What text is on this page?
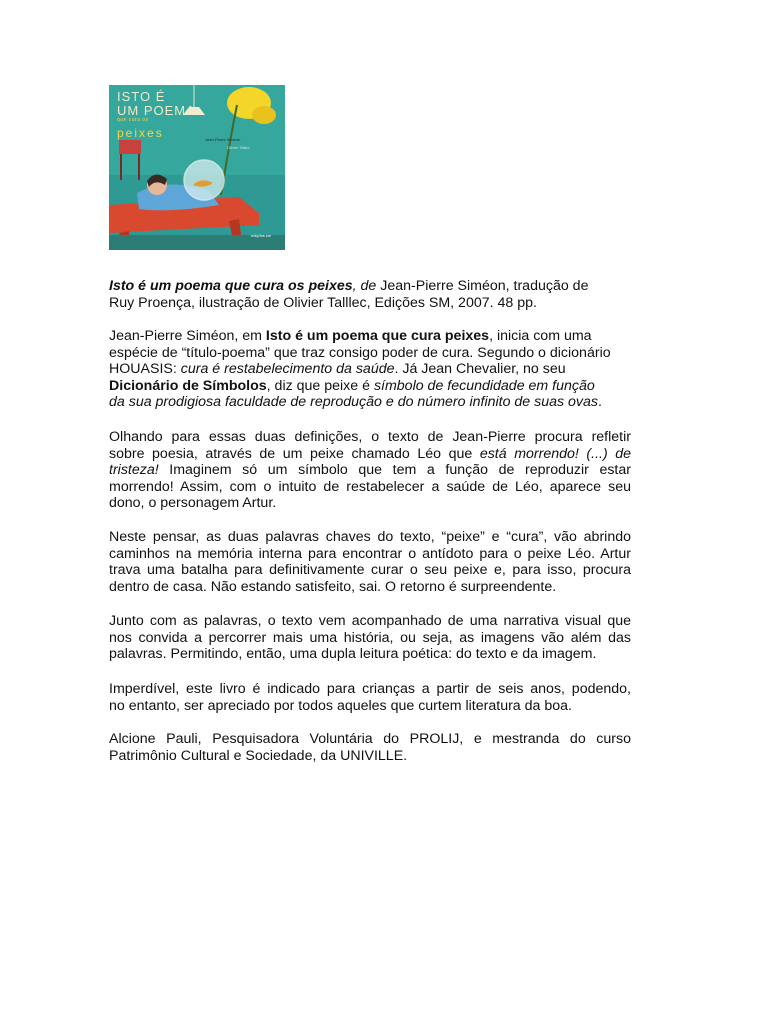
ISTO É
UM POEMA
que cura os
peixes	Jean-Pierre Siméon
Olivier Tallec
edições sm
Isto é um poema que cura os peixes, de Jean-Pierre Siméon, tradução de
Ruy Proença, ilustração de Olivier Talllec, Edições SM, 2007. 48 pp.
Jean-Pierre Siméon, em Isto é um poema que cura peixes, inicia com uma
espécie de “título-poema” que traz consigo poder de cura. Segundo o dicionário
HOUASIS: cura é restabelecimento da saúde. Já Jean Chevalier, no seu
Dicionário de Símbolos, diz que peixe é símbolo de fecundidade em função
da sua prodigiosa faculdade de reprodução e do número infinito de suas ovas.
Olhando para essas duas definições, o texto de Jean-Pierre procura refletir
sobre poesia, através de um peixe chamado Léo que está morrendo! (...) de
tristeza! Imaginem só um símbolo que tem a função de reproduzir estar
morrendo! Assim, com o intuito de restabelecer a saúde de Léo, aparece seu
dono, o personagem Artur.
Neste pensar, as duas palavras chaves do texto, “peixe” e “cura”, vão abrindo
caminhos na memória interna para encontrar o antídoto para o peixe Léo. Artur
trava uma batalha para definitivamente curar o seu peixe e, para isso, procura
dentro de casa. Não estando satisfeito, sai. O retorno é surpreendente.
Junto com as palavras, o texto vem acompanhado de uma narrativa visual que
nos convida a percorrer mais uma história, ou seja, as imagens vão além das
palavras. Permitindo, então, uma dupla leitura poética: do texto e da imagem.
Imperdível, este livro é indicado para crianças a partir de seis anos, podendo,
no entanto, ser apreciado por todos aqueles que curtem literatura da boa.
Alcione Pauli, Pesquisadora Voluntária do PROLIJ, e mestranda do curso
Patrimônio Cultural e Sociedade, da UNIVILLE.
